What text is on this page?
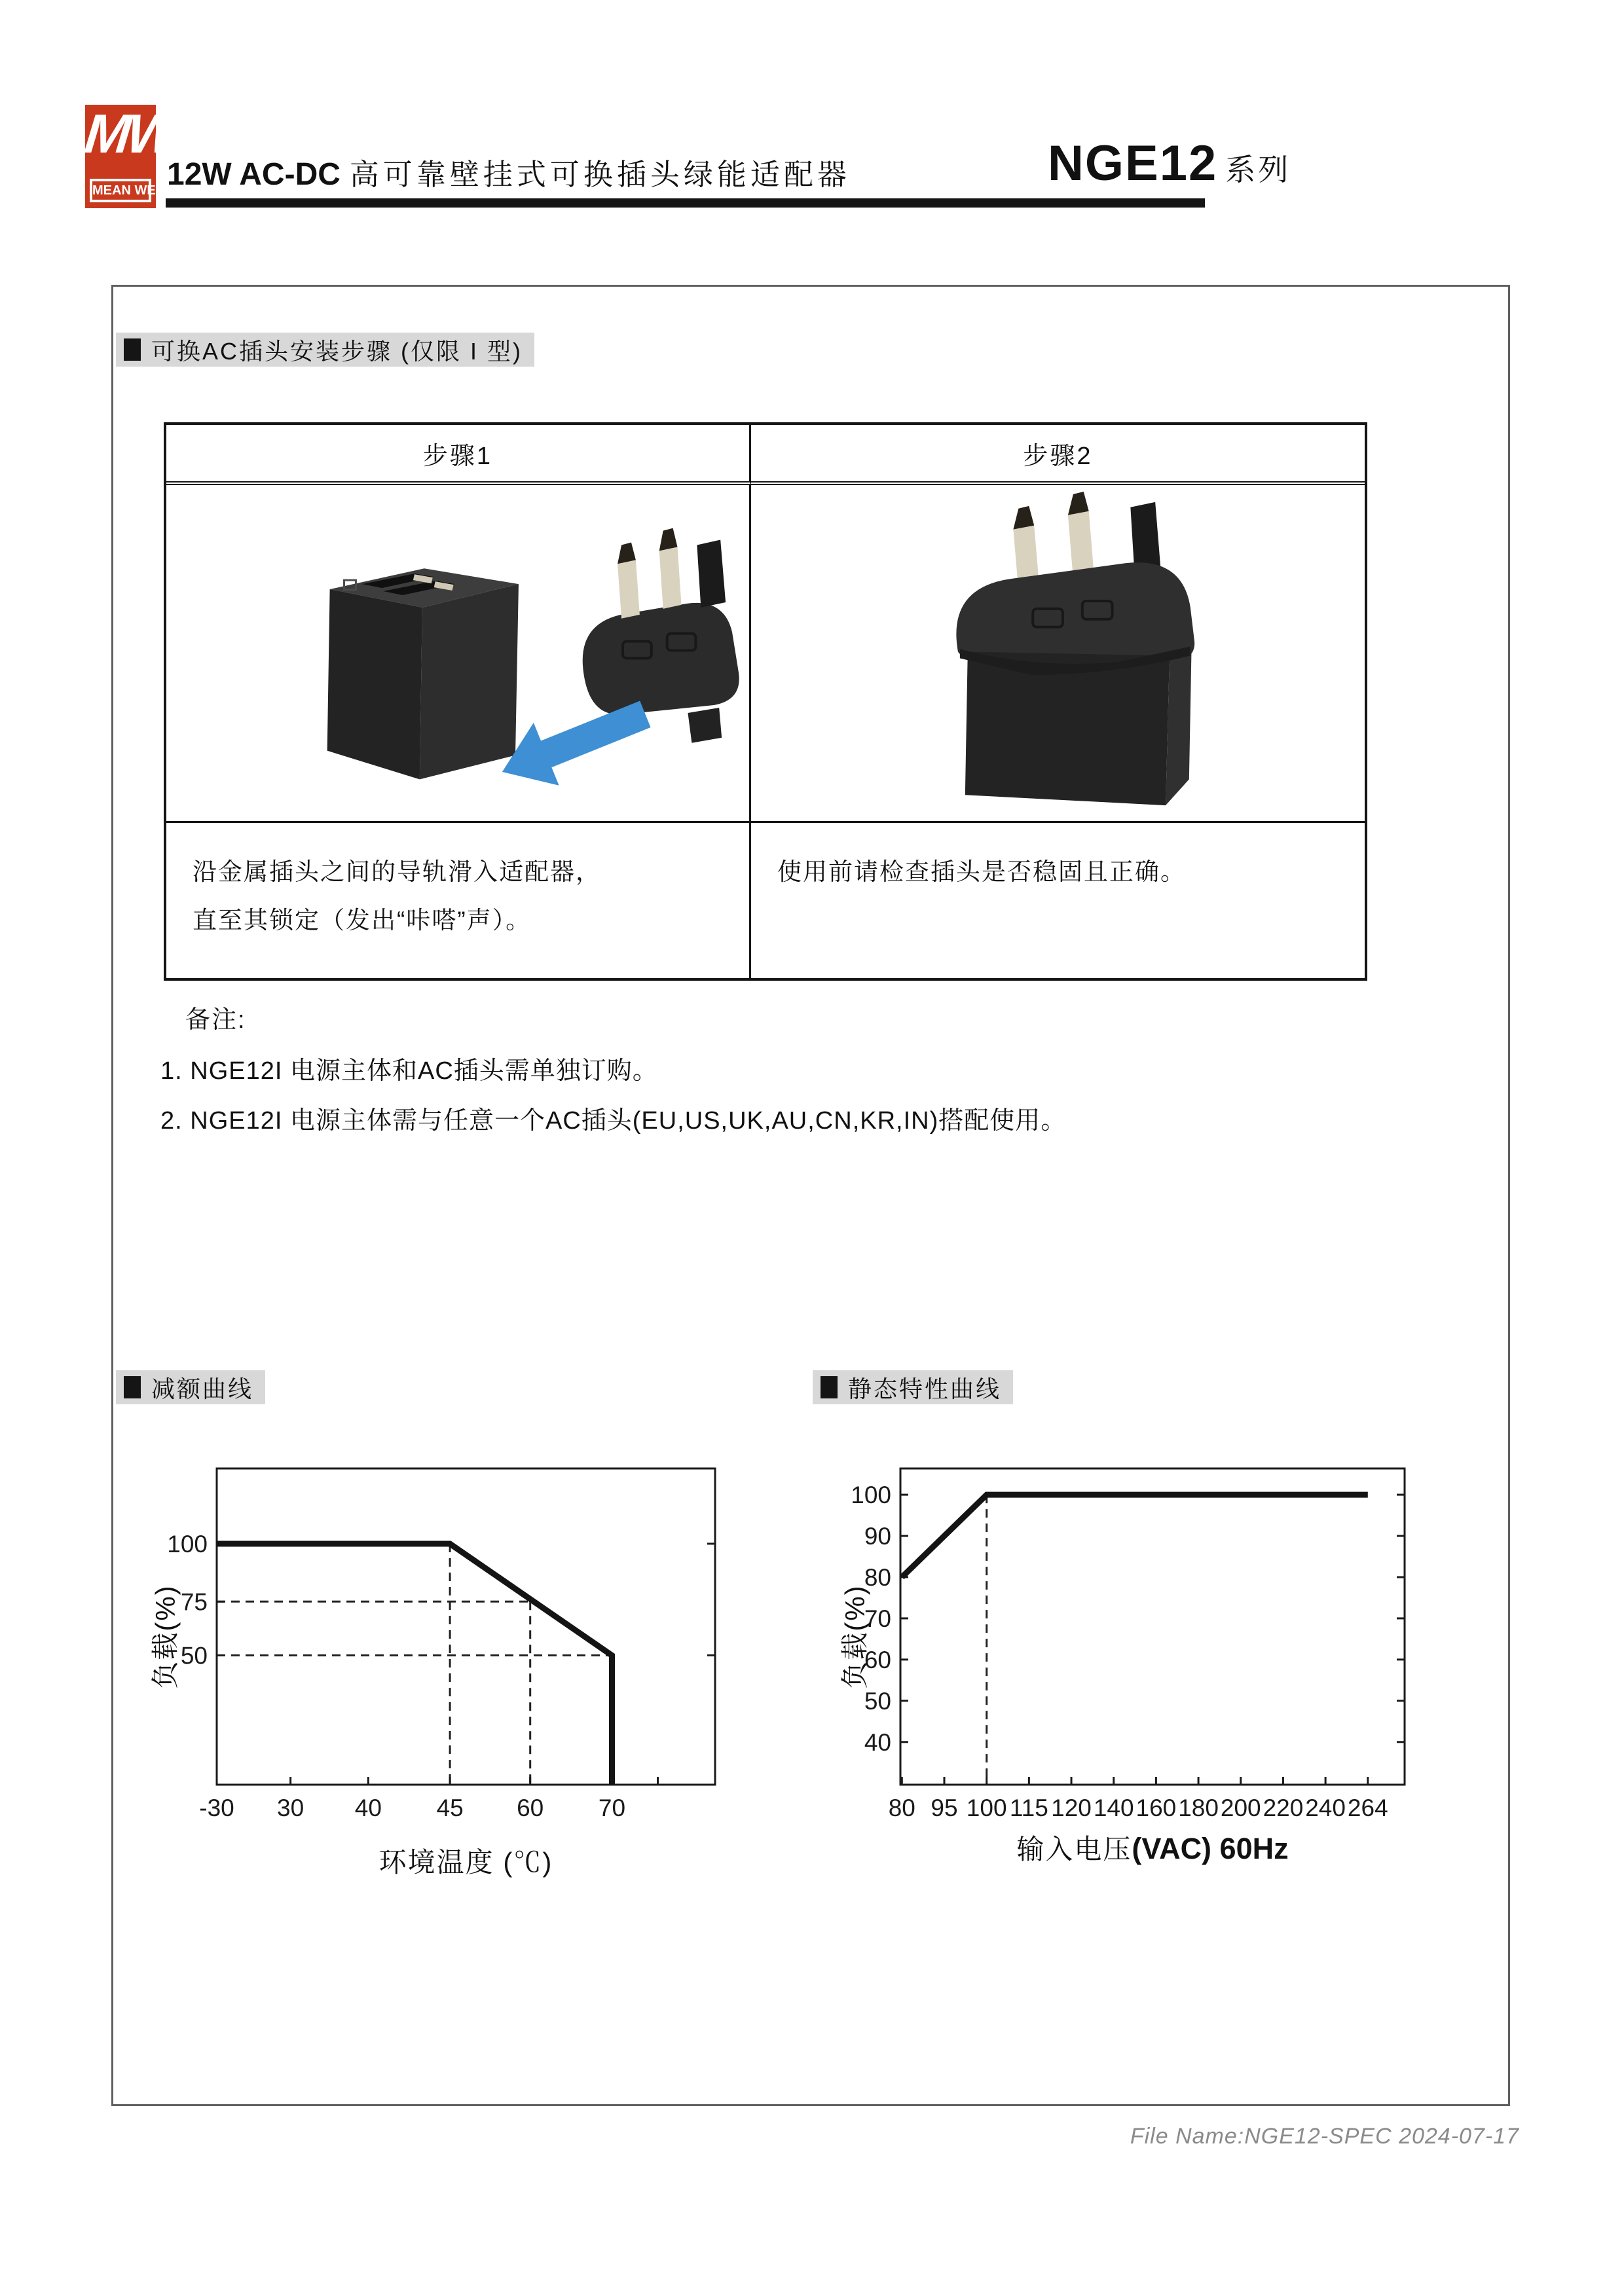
MW
MEAN WELL
12W AC-DC 高可靠壁挂式可换插头绿能适配器	NGE12 系列
可换AC插头安装步骤 (仅限 I 型)
步骤1	步骤2
沿金属插头之间的导轨滑入适配器，
直至其锁定（发出“咔嗒”声）。
使用前请检查插头是否稳固且正确。
备注:
1. NGE12I 电源主体和AC插头需单独订购。
2. NGE12I 电源主体需与任意一个AC插头(EU,US,UK,AU,CN,KR,IN)搭配使用。
减额曲线	静态特性曲线
-30 30 40 45 60 70
100
75
50
80 95 100 115 120 140 160 180 200 220 240 264
100
90
80
70
60
50
40
负载(%)
环境温度 (℃)
负载(%)
输入电压(VAC) 60Hz
File Name:NGE12-SPEC 2024-07-17
